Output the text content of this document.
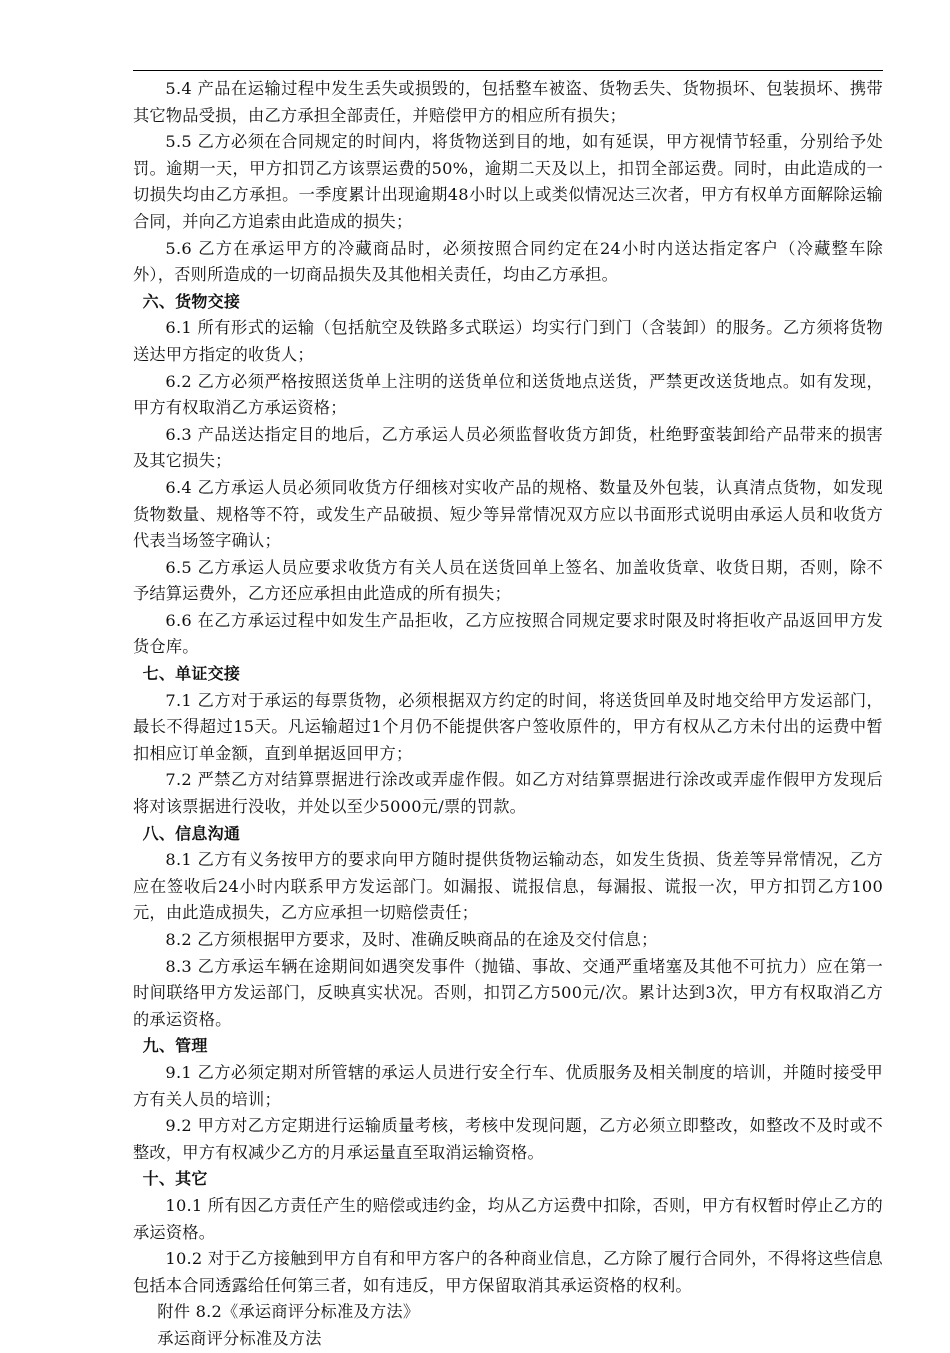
5.4 产品在运输过程中发生丢失或损毁的，包括整车被盗、货物丢失、货物损坏、包装损坏、携带其它物品受损，由乙方承担全部责任，并赔偿甲方的相应所有损失；

5.5 乙方必须在合同规定的时间内，将货物送到目的地，如有延误，甲方视情节轻重，分别给予处罚。逾期一天，甲方扣罚乙方该票运费的50%，逾期二天及以上，扣罚全部运费。同时，由此造成的一切损失均由乙方承担。一季度累计出现逾期48小时以上或类似情况达三次者，甲方有权单方面解除运输合同，并向乙方追索由此造成的损失；

5.6 乙方在承运甲方的冷藏商品时，必须按照合同约定在24小时内送达指定客户（冷藏整车除外），否则所造成的一切商品损失及其他相关责任，均由乙方承担。

六、货物交接

6.1 所有形式的运输（包括航空及铁路多式联运）均实行门到门（含装卸）的服务。乙方须将货物送达甲方指定的收货人；

6.2 乙方必须严格按照送货单上注明的送货单位和送货地点送货，严禁更改送货地点。如有发现，甲方有权取消乙方承运资格；

6.3 产品送达指定目的地后，乙方承运人员必须监督收货方卸货，杜绝野蛮装卸给产品带来的损害及其它损失；

6.4 乙方承运人员必须同收货方仔细核对实收产品的规格、数量及外包装，认真清点货物，如发现货物数量、规格等不符，或发生产品破损、短少等异常情况双方应以书面形式说明由承运人员和收货方代表当场签字确认；

6.5 乙方承运人员应要求收货方有关人员在送货回单上签名、加盖收货章、收货日期，否则，除不予结算运费外，乙方还应承担由此造成的所有损失；

6.6 在乙方承运过程中如发生产品拒收，乙方应按照合同规定要求时限及时将拒收产品返回甲方发货仓库。

七、单证交接

7.1 乙方对于承运的每票货物，必须根据双方约定的时间，将送货回单及时地交给甲方发运部门，最长不得超过15天。凡运输超过1个月仍不能提供客户签收原件的，甲方有权从乙方未付出的运费中暂扣相应订单金额，直到单据返回甲方；

7.2 严禁乙方对结算票据进行涂改或弄虚作假。如乙方对结算票据进行涂改或弄虚作假甲方发现后将对该票据进行没收，并处以至少5000元/票的罚款。

八、信息沟通

8.1 乙方有义务按甲方的要求向甲方随时提供货物运输动态，如发生货损、货差等异常情况，乙方应在签收后24小时内联系甲方发运部门。如漏报、谎报信息，每漏报、谎报一次，甲方扣罚乙方100元，由此造成损失，乙方应承担一切赔偿责任；

8.2 乙方须根据甲方要求，及时、准确反映商品的在途及交付信息；

8.3 乙方承运车辆在途期间如遇突发事件（抛锚、事故、交通严重堵塞及其他不可抗力）应在第一时间联络甲方发运部门，反映真实状况。否则，扣罚乙方500元/次。累计达到3次，甲方有权取消乙方的承运资格。

九、管理

9.1 乙方必须定期对所管辖的承运人员进行安全行车、优质服务及相关制度的培训，并随时接受甲方有关人员的培训；

9.2 甲方对乙方定期进行运输质量考核，考核中发现问题，乙方必须立即整改，如整改不及时或不整改，甲方有权减少乙方的月承运量直至取消运输资格。

十、其它

10.1 所有因乙方责任产生的赔偿或违约金，均从乙方运费中扣除，否则，甲方有权暂时停止乙方的承运资格。

10.2 对于乙方接触到甲方自有和甲方客户的各种商业信息，乙方除了履行合同外，不得将这些信息包括本合同透露给任何第三者，如有违反，甲方保留取消其承运资格的权利。

附件 8.2《承运商评分标准及方法》

承运商评分标准及方法
